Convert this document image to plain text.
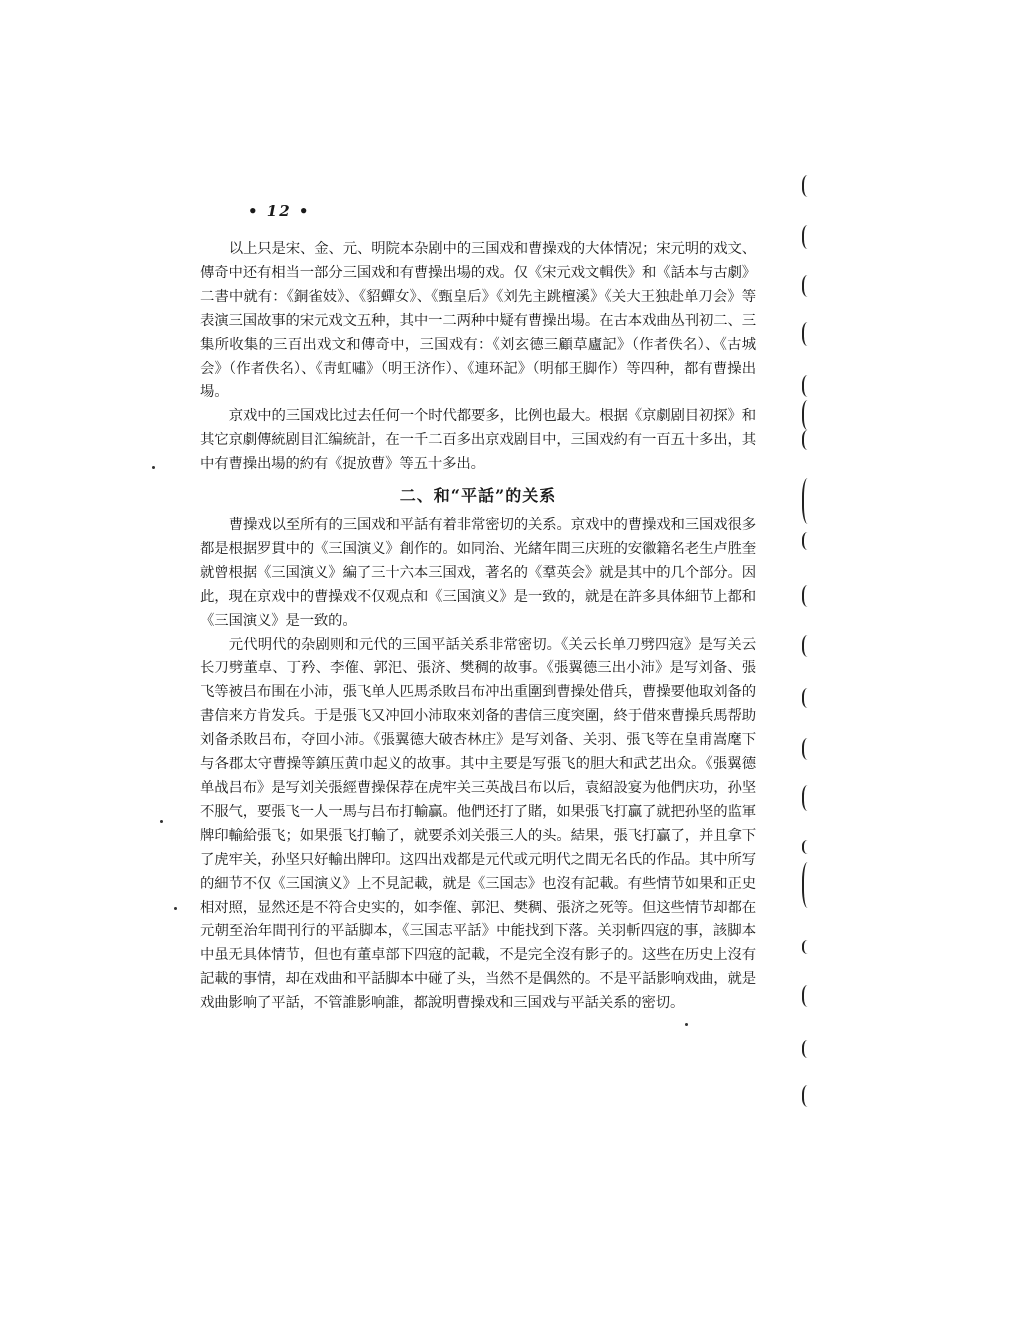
• 12 •

以上只是宋、金、元、明院本杂剧中的三国戏和曹操戏的大体情况；宋元明的戏文、傳奇中还有相当一部分三国戏和有曹操出場的戏。仅《宋元戏文輯佚》和《話本与古劇》二書中就有：《銅雀妓》、《貂蟬女》、《甄皇后》《刘先主跳檀溪》《关大王独赴单刀会》等表演三国故事的宋元戏文五种，其中一二两种中疑有曹操出場。在古本戏曲丛刊初二、三集所收集的三百出戏文和傳奇中，三国戏有：《刘玄德三顧草廬記》（作者佚名）、《古城会》（作者佚名）、《靑虹嘯》（明王济作）、《連环記》（明郁王脚作）等四种，都有曹操出場。

京戏中的三国戏比过去任何一个时代都要多，比例也最大。根据《京劇剧目初探》和其它京劇傳統剧目汇编統計，在一千二百多出京戏剧目中，三国戏約有一百五十多出，其中有曹操出場的約有《捉放曹》等五十多出。

二、和“平話”的关系

曹操戏以至所有的三国戏和平話有着非常密切的关系。京戏中的曹操戏和三国戏很多都是根据罗貫中的《三国演义》創作的。如同治、光緒年間三庆班的安徽籍名老生卢胜奎就曾根据《三国演义》編了三十六本三国戏，著名的《羣英会》就是其中的几个部分。因此，現在京戏中的曹操戏不仅观点和《三国演义》是一致的，就是在許多具体細节上都和《三国演义》是一致的。

元代明代的杂剧则和元代的三国平話关系非常密切。《关云长单刀劈四寇》是写关云长刀劈董卓、丁矜、李傕、郭汜、張济、樊稠的故事。《張翼德三出小沛》是写刘备、張飞等被吕布围在小沛，張飞单人匹馬杀敗吕布冲出重圍到曹操处借兵，曹操要他取刘备的書信来方肯发兵。于是張飞又冲回小沛取來刘备的書信三度突圍，終于借來曹操兵馬帮助刘备杀敗吕布，夺回小沛。《張翼德大破杏林庄》是写刘备、关羽、張飞等在皇甫嵩麾下与各郡太守曹操等鎮压黄巾起义的故事。其中主要是写張飞的胆大和武艺出众。《張翼德单战吕布》是写刘关張經曹操保荐在虎牢关三英战吕布以后，袁紹設宴为他們庆功，孙坚不服气，要張飞一人一馬与吕布打輸贏。他們还打了賭，如果張飞打贏了就把孙坚的监軍牌印輸給張飞；如果張飞打輸了，就要杀刘关張三人的头。結果，張飞打贏了，并且拿下了虎牢关，孙坚只好輸出牌印。这四出戏都是元代或元明代之間无名氏的作品。其中所写的細节不仅《三国演义》上不見記載，就是《三国志》也沒有記載。有些情节如果和正史相对照，显然还是不符合史实的，如李傕、郭汜、樊稠、張济之死等。但这些情节却都在元朝至治年間刊行的平話脚本，《三国志平話》中能找到下落。关羽斬四寇的事，該脚本中虽无具体情节，但也有董卓部下四寇的記載，不是完全沒有影子的。这些在历史上沒有記載的事情，却在戏曲和平話脚本中碰了头，当然不是偶然的。不是平話影响戏曲，就是戏曲影响了平話，不管誰影响誰，都說明曹操戏和三国戏与平話关系的密切。
